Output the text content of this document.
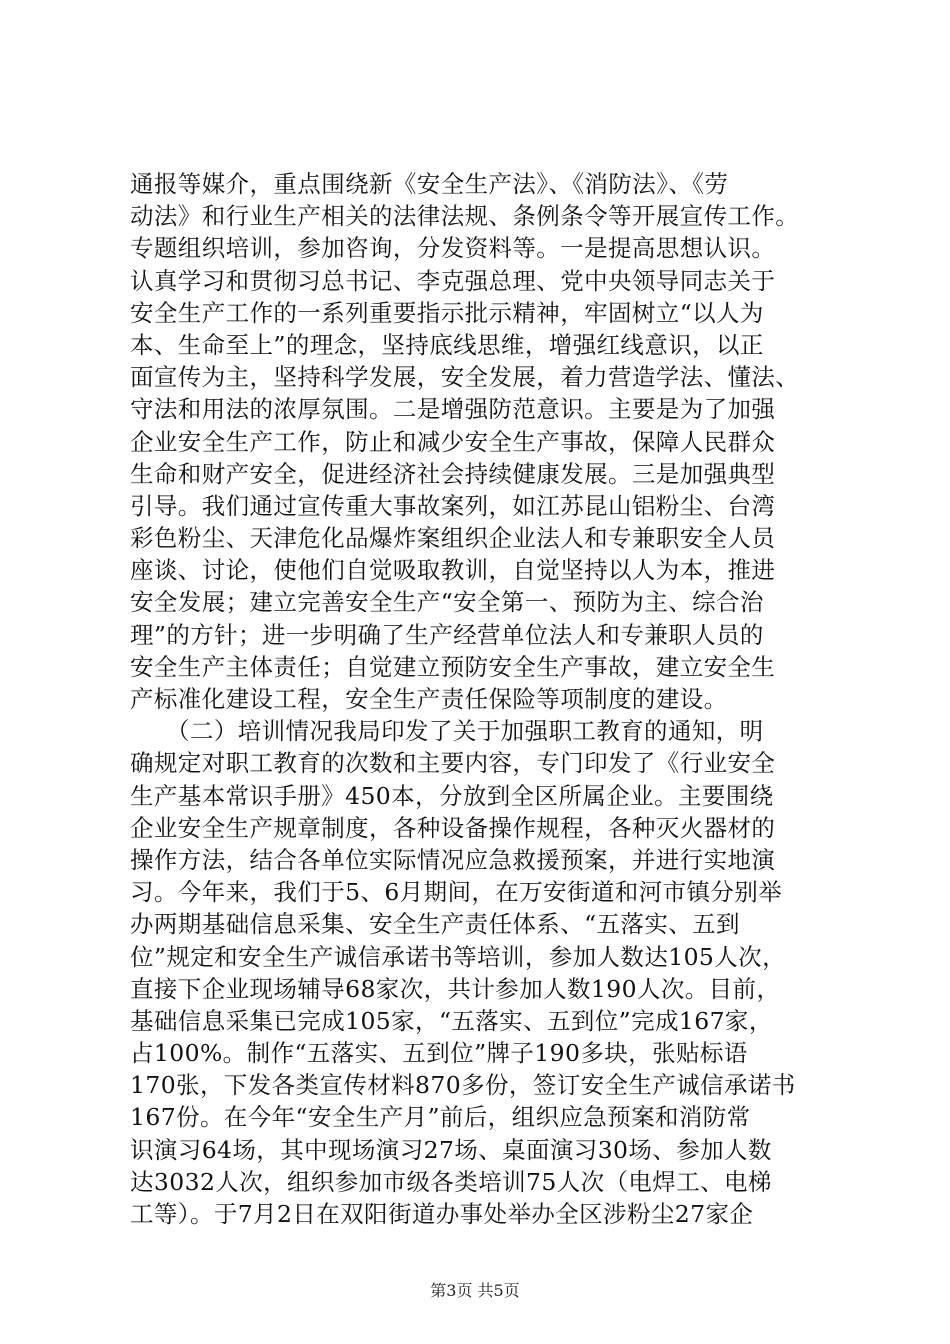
通报等媒介，重点围绕新《安全生产法》、《消防法》、《劳
动法》和行业生产相关的法律法规、条例条令等开展宣传工作。
专题组织培训，参加咨询，分发资料等。一是提高思想认识。
认真学习和贯彻习总书记、李克强总理、党中央领导同志关于
安全生产工作的一系列重要指示批示精神，牢固树立“以人为
本、生命至上”的理念，坚持底线思维，增强红线意识，以正
面宣传为主，坚持科学发展，安全发展，着力营造学法、懂法、
守法和用法的浓厚氛围。二是增强防范意识。主要是为了加强
企业安全生产工作，防止和减少安全生产事故，保障人民群众
生命和财产安全，促进经济社会持续健康发展。三是加强典型
引导。我们通过宣传重大事故案列，如江苏昆山铝粉尘、台湾
彩色粉尘、天津危化品爆炸案组织企业法人和专兼职安全人员
座谈、讨论，使他们自觉吸取教训，自觉坚持以人为本，推进
安全发展；建立完善安全生产“安全第一、预防为主、综合治
理”的方针；进一步明确了生产经营单位法人和专兼职人员的
安全生产主体责任；自觉建立预防安全生产事故，建立安全生
产标准化建设工程，安全生产责任保险等项制度的建设。
　　（二）培训情况我局印发了关于加强职工教育的通知，明
确规定对职工教育的次数和主要内容，专门印发了《行业安全
生产基本常识手册》450本，分放到全区所属企业。主要围绕
企业安全生产规章制度，各种设备操作规程，各种灭火器材的
操作方法，结合各单位实际情况应急救援预案，并进行实地演
习。今年来，我们于5、6月期间，在万安街道和河市镇分别举
办两期基础信息采集、安全生产责任体系、“五落实、五到
位”规定和安全生产诚信承诺书等培训，参加人数达105人次，
直接下企业现场辅导68家次，共计参加人数190人次。目前，
基础信息采集已完成105家，“五落实、五到位”完成167家，
占100%。制作“五落实、五到位”牌子190多块，张贴标语
170张，下发各类宣传材料870多份，签订安全生产诚信承诺书
167份。在今年“安全生产月”前后，组织应急预案和消防常
识演习64场，其中现场演习27场、桌面演习30场、参加人数
达3032人次，组织参加市级各类培训75人次（电焊工、电梯
工等）。于7月2日在双阳街道办事处举办全区涉粉尘27家企
第3页 共5页
